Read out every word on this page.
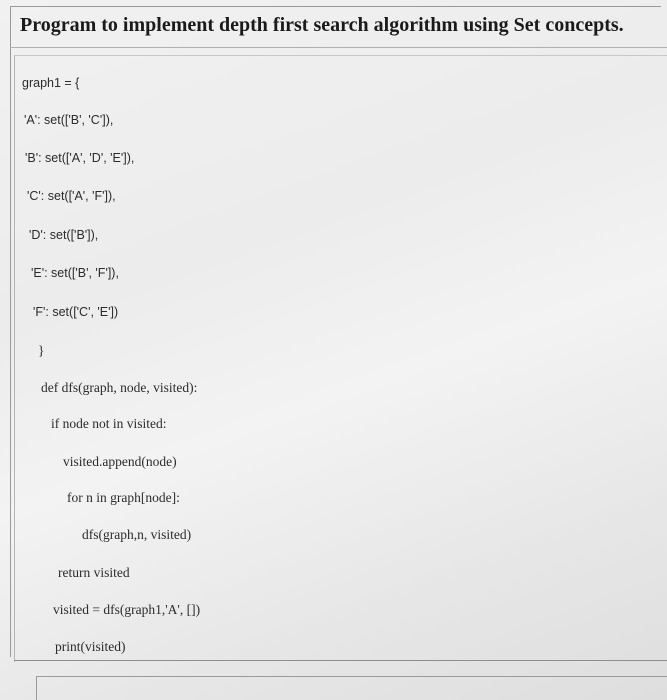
Program to implement depth first search algorithm using Set concepts.
graph1 = {
'A': set(['B', 'C']),
'B': set(['A', 'D', 'E']),
'C': set(['A', 'F']),
'D': set(['B']),
'E': set(['B', 'F']),
'F': set(['C', 'E'])
}
def dfs(graph, node, visited):
if node not in visited:
visited.append(node)
for n in graph[node]:
dfs(graph,n, visited)
return visited
visited = dfs(graph1,'A', [])
print(visited)
